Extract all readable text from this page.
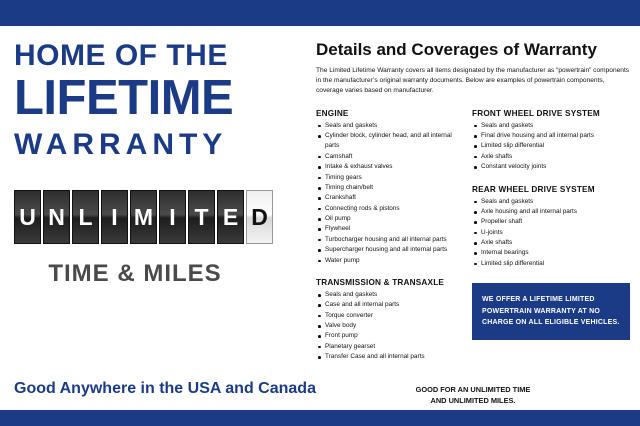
HOME OF THE
LIFETIME
WARRANTY
U N L I M I T E D
TIME & MILES
Good Anywhere in the USA and Canada
Details and Coverages of Warranty
The Limited Lifetime Warranty covers all items designated by the manufacturer as “powertrain” components in the manufacturer’s original warranty documents. Below are examples of powertrain components, coverage varies based on manufacturer.
ENGINE
Seals and gaskets
Cylinder block, cylinder head, and all internal parts
Camshaft
Intake & exhaust valves
Timing gears
Timing chain/belt
Crankshaft
Connecting rods & pistons
Oil pump
Flywheel
Turbocharger housing and all internal parts
Supercharger housing and all internal parts
Water pump
TRANSMISSION & TRANSAXLE
Seals and gaskets
Case and all internal parts
Torque converter
Valve body
Front pump
Planetary gearset
Transfer Case and all internal parts
FRONT WHEEL DRIVE SYSTEM
Seals and gaskets
Final drive housing and all internal parts
Limited slip differential
Axle shafts
Constant velocity joints
REAR WHEEL DRIVE SYSTEM
Seals and gaskets
Axle housing and all internal parts
Propeller shaft
U-joints
Axle shafts
Internal bearings
Limited slip differential
WE OFFER A LIFETIME LIMITED
POWERTRAIN WARRANTY AT NO
CHARGE ON ALL ELIGIBLE VEHICLES.
GOOD FOR AN UNLIMITED TIME
AND UNLIMITED MILES.
